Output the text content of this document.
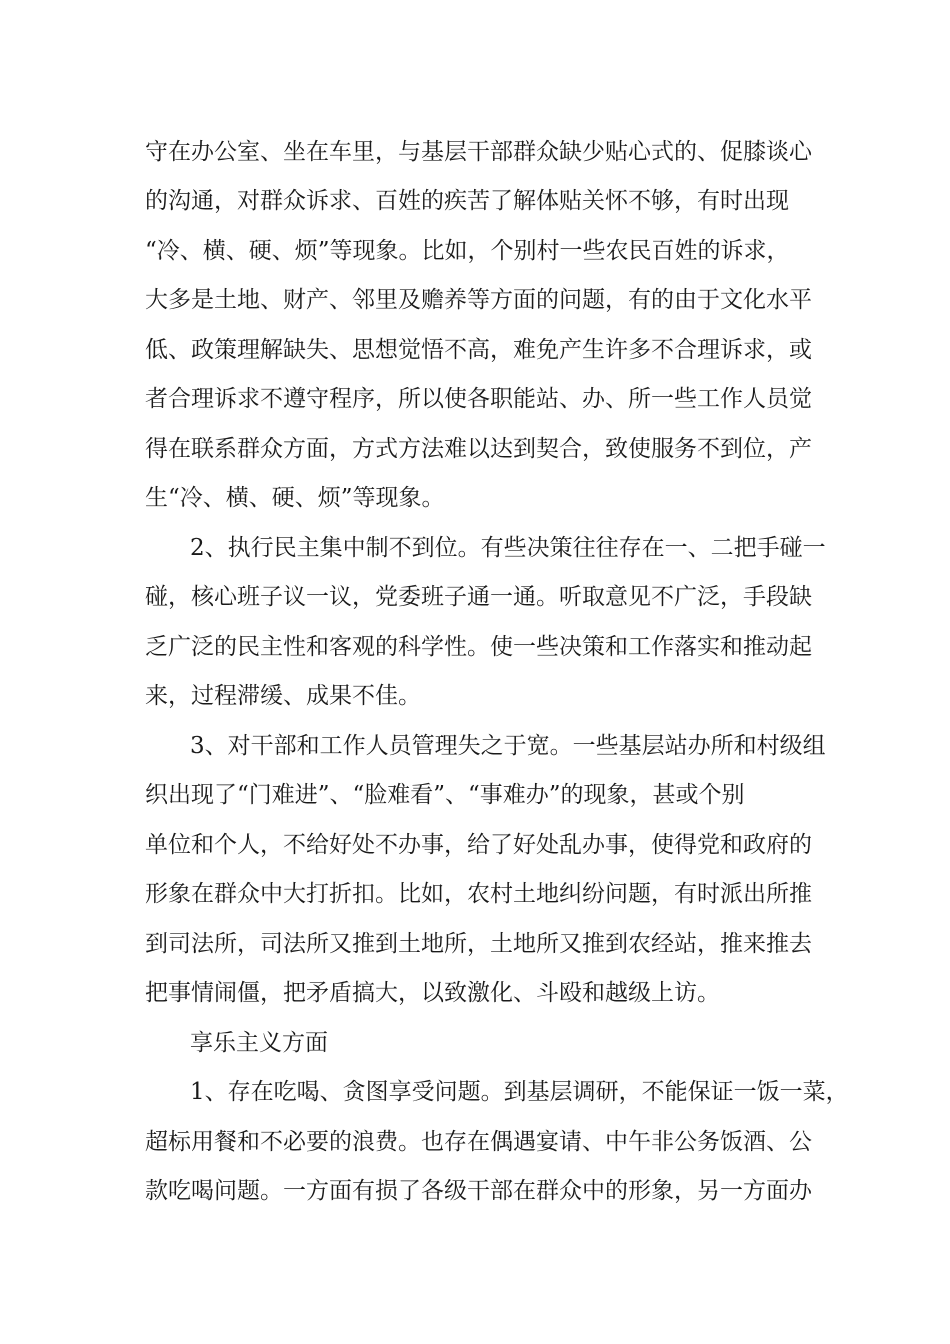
守在办公室、坐在车里，与基层干部群众缺少贴心式的、促膝谈心

的沟通，对群众诉求、百姓的疾苦了解体贴关怀不够，有时出现

“冷、横、硬、烦”等现象。比如，个别村一些农民百姓的诉求，

大多是土地、财产、邻里及赡养等方面的问题，有的由于文化水平

低、政策理解缺失、思想觉悟不高，难免产生许多不合理诉求，或

者合理诉求不遵守程序，所以使各职能站、办、所一些工作人员觉

得在联系群众方面，方式方法难以达到契合，致使服务不到位，产

生“冷、横、硬、烦”等现象。

2、执行民主集中制不到位。有些决策往往存在一、二把手碰一

碰，核心班子议一议，党委班子通一通。听取意见不广泛，手段缺

乏广泛的民主性和客观的科学性。使一些决策和工作落实和推动起

来，过程滞缓、成果不佳。

3、对干部和工作人员管理失之于宽。一些基层站办所和村级组

织出现了“门难进”、“脸难看”、“事难办”的现象，甚或个别

单位和个人，不给好处不办事，给了好处乱办事，使得党和政府的

形象在群众中大打折扣。比如，农村土地纠纷问题，有时派出所推

到司法所，司法所又推到土地所，土地所又推到农经站，推来推去

把事情闹僵，把矛盾搞大，以致激化、斗殴和越级上访。

享乐主义方面

1、存在吃喝、贪图享受问题。到基层调研，不能保证一饭一菜，

超标用餐和不必要的浪费。也存在偶遇宴请、中午非公务饭酒、公

款吃喝问题。一方面有损了各级干部在群众中的形象，另一方面办
